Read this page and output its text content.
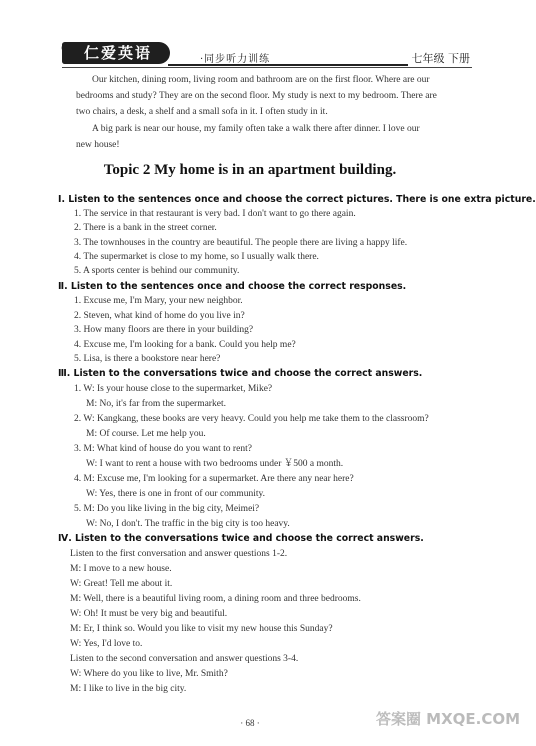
仁爱英语	·同步听力训练	七年级 下册
Our kitchen, dining room, living room and bathroom are on the first floor. Where are our
bedrooms and study? They are on the second floor. My study is next to my bedroom. There are
two chairs, a desk, a shelf and a small sofa in it. I often study in it.
A big park is near our house, my family often take a walk there after dinner. I love our
new house!
Topic 2 My home is in an apartment building.
Ⅰ. Listen to the sentences once and choose the correct pictures. There is one extra picture.
1. The service in that restaurant is very bad. I don't want to go there again.
2. There is a bank in the street corner.
3. The townhouses in the country are beautiful. The people there are living a happy life.
4. The supermarket is close to my home, so I usually walk there.
5. A sports center is behind our community.
Ⅱ. Listen to the sentences once and choose the correct responses.
1. Excuse me, I'm Mary, your new neighbor.
2. Steven, what kind of home do you live in?
3. How many floors are there in your building?
4. Excuse me, I'm looking for a bank. Could you help me?
5. Lisa, is there a bookstore near here?
Ⅲ. Listen to the conversations twice and choose the correct answers.
1. W: Is your house close to the supermarket, Mike?
M: No, it's far from the supermarket.
2. W: Kangkang, these books are very heavy. Could you help me take them to the classroom?
M: Of course. Let me help you.
3. M: What kind of house do you want to rent?
W: I want to rent a house with two bedrooms under ￥500 a month.
4. M: Excuse me, I'm looking for a supermarket. Are there any near here?
W: Yes, there is one in front of our community.
5. M: Do you like living in the big city, Meimei?
W: No, I don't. The traffic in the big city is too heavy.
Ⅳ. Listen to the conversations twice and choose the correct answers.
Listen to the first conversation and answer questions 1-2.
M: I move to a new house.
W: Great! Tell me about it.
M: Well, there is a beautiful living room, a dining room and three bedrooms.
W: Oh! It must be very big and beautiful.
M: Er, I think so. Would you like to visit my new house this Sunday?
W: Yes, I'd love to.
Listen to the second conversation and answer questions 3-4.
W: Where do you like to live, Mr. Smith?
M: I like to live in the big city.
· 68 ·	答案圈 MXQE.COM
